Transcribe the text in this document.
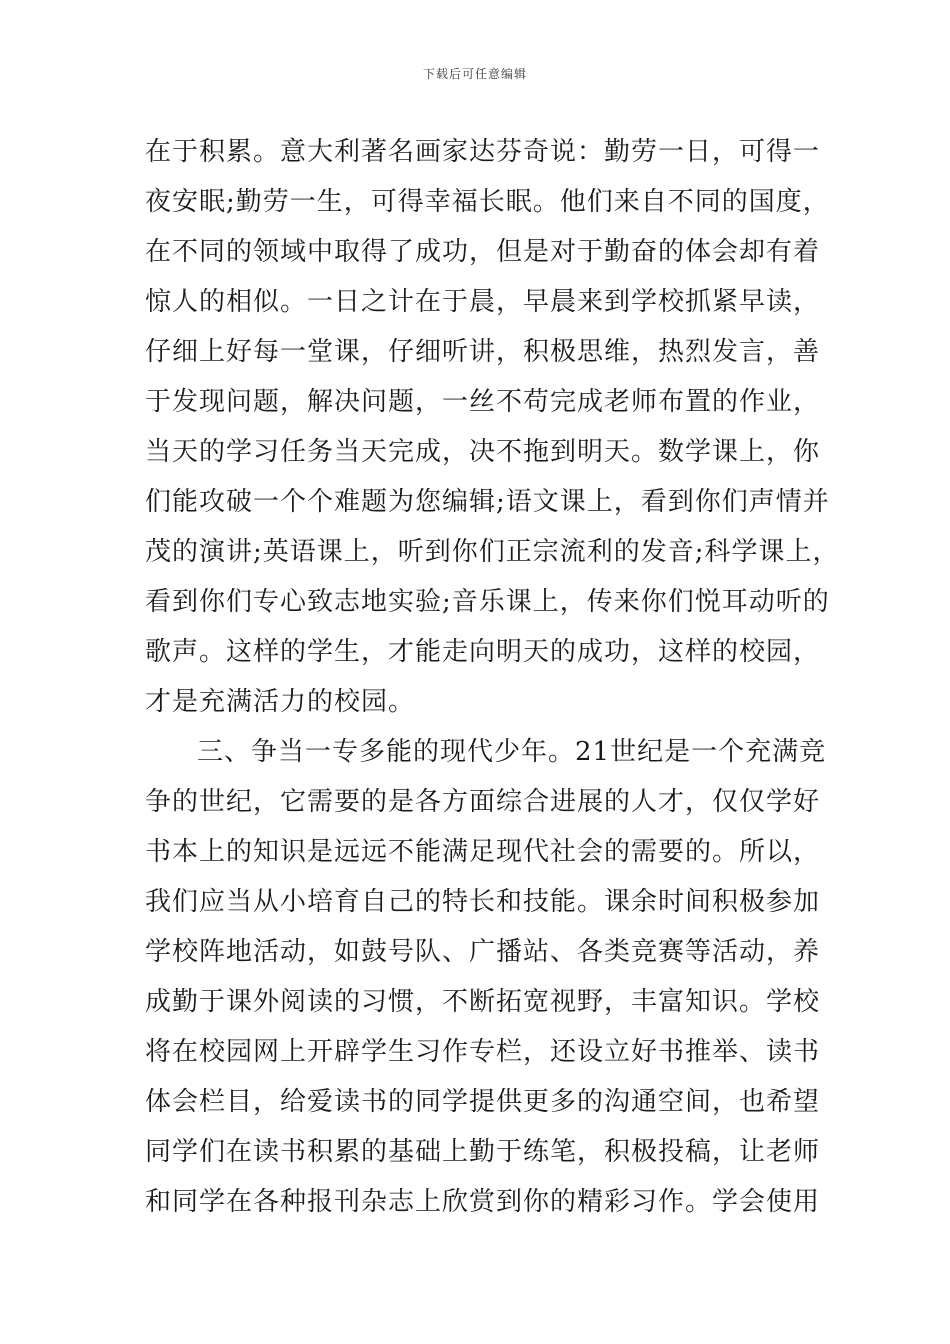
下载后可任意编辑
在于积累。意大利著名画家达芬奇说：勤劳一日，可得一
夜安眠;勤劳一生，可得幸福长眠。他们来自不同的国度，
在不同的领域中取得了成功，但是对于勤奋的体会却有着
惊人的相似。一日之计在于晨，早晨来到学校抓紧早读，
仔细上好每一堂课，仔细听讲，积极思维，热烈发言，善
于发现问题，解决问题，一丝不苟完成老师布置的作业，
当天的学习任务当天完成，决不拖到明天。数学课上，你
们能攻破一个个难题为您编辑;语文课上，看到你们声情并
茂的演讲;英语课上，听到你们正宗流利的发音;科学课上，
看到你们专心致志地实验;音乐课上，传来你们悦耳动听的
歌声。这样的学生，才能走向明天的成功，这样的校园，
才是充满活力的校园。
三、争当一专多能的现代少年。21世纪是一个充满竞
争的世纪，它需要的是各方面综合进展的人才，仅仅学好
书本上的知识是远远不能满足现代社会的需要的。所以，
我们应当从小培育自己的特长和技能。课余时间积极参加
学校阵地活动，如鼓号队、广播站、各类竞赛等活动，养
成勤于课外阅读的习惯，不断拓宽视野，丰富知识。学校
将在校园网上开辟学生习作专栏，还设立好书推举、读书
体会栏目，给爱读书的同学提供更多的沟通空间，也希望
同学们在读书积累的基础上勤于练笔，积极投稿，让老师
和同学在各种报刊杂志上欣赏到你的精彩习作。学会使用
